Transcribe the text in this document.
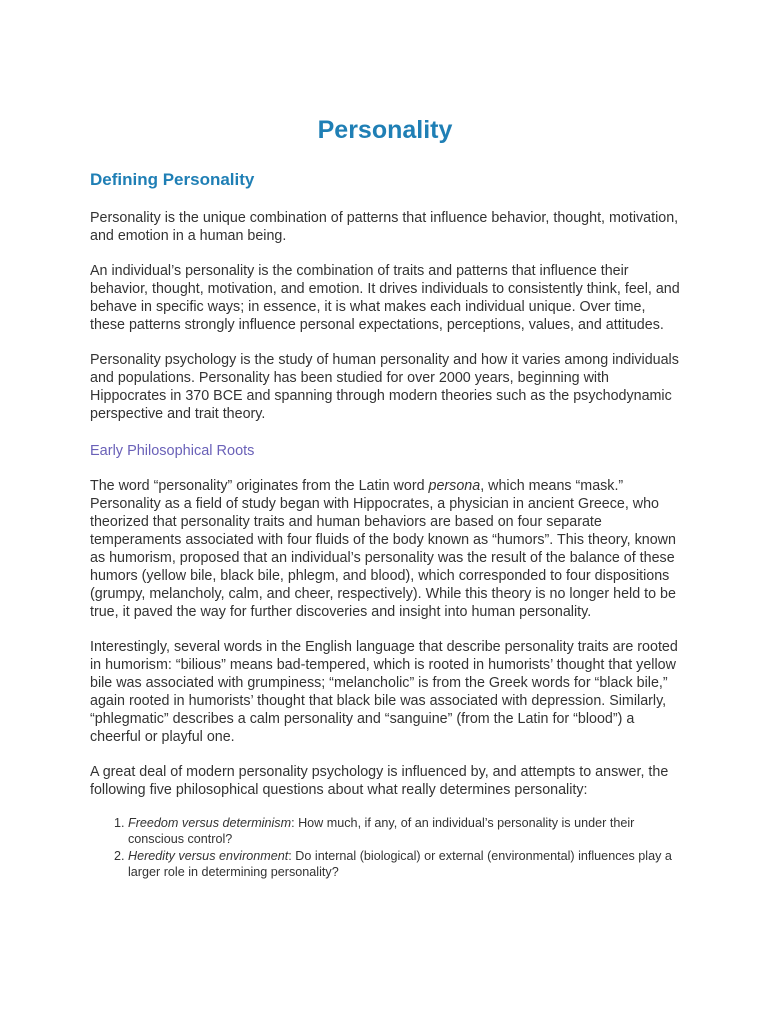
Personality
Defining Personality

Personality is the unique combination of patterns that influence behavior, thought, motivation, and emotion in a human being.

An individual’s personality is the combination of traits and patterns that influence their behavior, thought, motivation, and emotion. It drives individuals to consistently think, feel, and behave in specific ways; in essence, it is what makes each individual unique. Over time, these patterns strongly influence personal expectations, perceptions, values, and attitudes.

Personality psychology is the study of human personality and how it varies among individuals and populations. Personality has been studied for over 2000 years, beginning with Hippocrates in 370 BCE and spanning through modern theories such as the psychodynamic perspective and trait theory.

Early Philosophical Roots

The word “personality” originates from the Latin word persona, which means “mask.” Personality as a field of study began with Hippocrates, a physician in ancient Greece, who theorized that personality traits and human behaviors are based on four separate temperaments associated with four fluids of the body known as “humors”. This theory, known as humorism, proposed that an individual’s personality was the result of the balance of these humors (yellow bile, black bile, phlegm, and blood), which corresponded to four dispositions (grumpy, melancholy, calm, and cheer, respectively). While this theory is no longer held to be true, it paved the way for further discoveries and insight into human personality.

Interestingly, several words in the English language that describe personality traits are rooted in humorism: “bilious” means bad-tempered, which is rooted in humorists’ thought that yellow bile was associated with grumpiness; “melancholic” is from the Greek words for “black bile,” again rooted in humorists’ thought that black bile was associated with depression. Similarly, “phlegmatic” describes a calm personality and “sanguine” (from the Latin for “blood”) a cheerful or playful one.

A great deal of modern personality psychology is influenced by, and attempts to answer, the following five philosophical questions about what really determines personality:

1. Freedom versus determinism: How much, if any, of an individual’s personality is under their conscious control?
2. Heredity versus environment: Do internal (biological) or external (environmental) influences play a larger role in determining personality?
